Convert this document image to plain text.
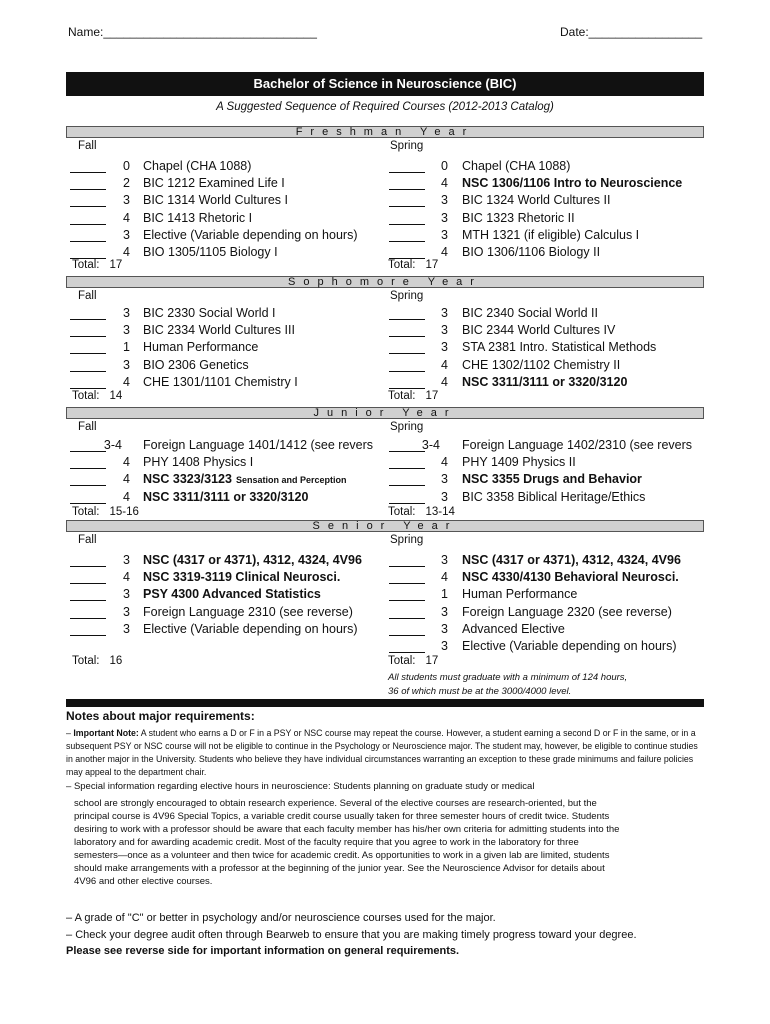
Name:________________________________	Date:_________________
Bachelor of Science in Neuroscience (BIC)
A Suggested Sequence of Required Courses (2012-2013 Catalog)
Freshman Year
Fall	Spring
0 Chapel (CHA 1088)
2 BIC 1212 Examined Life I
3 BIC 1314 World Cultures I
4 BIC 1413 Rhetoric I
3 Elective (Variable depending on hours)
4 BIO 1305/1105 Biology I
Total: 17
0 Chapel (CHA 1088)
4 NSC 1306/1106 Intro to Neuroscience
3 BIC 1324 World Cultures II
3 BIC 1323 Rhetoric II
3 MTH 1321 (if eligible) Calculus I
4 BIO 1306/1106 Biology II
Total: 17
Sophomore Year
Fall	Spring
3 BIC 2330 Social World I
3 BIC 2334 World Cultures III
1 Human Performance
3 BIO 2306 Genetics
4 CHE 1301/1101 Chemistry I
Total: 14
3 BIC 2340 Social World II
3 BIC 2344 World Cultures IV
3 STA 2381 Intro. Statistical Methods
4 CHE 1302/1102 Chemistry II
4 NSC 3311/3111 or 3320/3120
Total: 17
Junior Year
Fall	Spring
3-4 Foreign Language 1401/1412 (see revers
4 PHY 1408 Physics I
4 NSC 3323/3123 Sensation and Perception
4 NSC 3311/3111 or 3320/3120
Total: 15-16
3-4 Foreign Language 1402/2310 (see revers
4 PHY 1409 Physics II
3 NSC 3355 Drugs and Behavior
3 BIC 3358 Biblical Heritage/Ethics
Total: 13-14
Senior Year
Fall	Spring
3 NSC (4317 or 4371), 4312, 4324, 4V96
4 NSC 3319-3119 Clinical Neurosci.
3 PSY 4300 Advanced Statistics
3 Foreign Language 2310 (see reverse)
3 Elective (Variable depending on hours)
Total: 16
3 NSC (4317 or 4371), 4312, 4324, 4V96
4 NSC 4330/4130 Behavioral Neurosci.
1 Human Performance
3 Foreign Language 2320 (see reverse)
3 Advanced Elective
3 Elective (Variable depending on hours)
Total: 17
All students must graduate with a minimum of 124 hours,
36 of which must be at the 3000/4000 level.
Notes about major requirements:
– Important Note: A student who earns a D or F in a PSY or NSC course may repeat the course. However, a student earning a second D or F in the same, or in a subsequent PSY or NSC course will not be eligible to continue in the Psychology or Neuroscience major. The student may, however, be eligible to continue studies in another major in the University. Students who believe they have individual circumstances warranting an exception to these grade minimums and failure policies may appeal to the department chair.
– Special information regarding elective hours in neuroscience: Students planning on graduate study or medical
school are strongly encouraged to obtain research experience. Several of the elective courses are research-oriented, but the principal course is 4V96 Special Topics, a variable credit course usually taken for three semester hours of credit twice. Students desiring to work with a professor should be aware that each faculty member has his/her own criteria for admitting students into the laboratory and for awarding academic credit. Most of the faculty require that you agree to work in the laboratory for three semesters—once as a volunteer and then twice for academic credit. As opportunities to work in a given lab are limited, students should make arrangements with a professor at the beginning of the junior year. See the Neuroscience Advisor for details about 4V96 and other elective courses.
– A grade of "C" or better in psychology and/or neuroscience courses used for the major.
– Check your degree audit often through Bearweb to ensure that you are making timely progress toward your degree.
Please see reverse side for important information on general requirements.
